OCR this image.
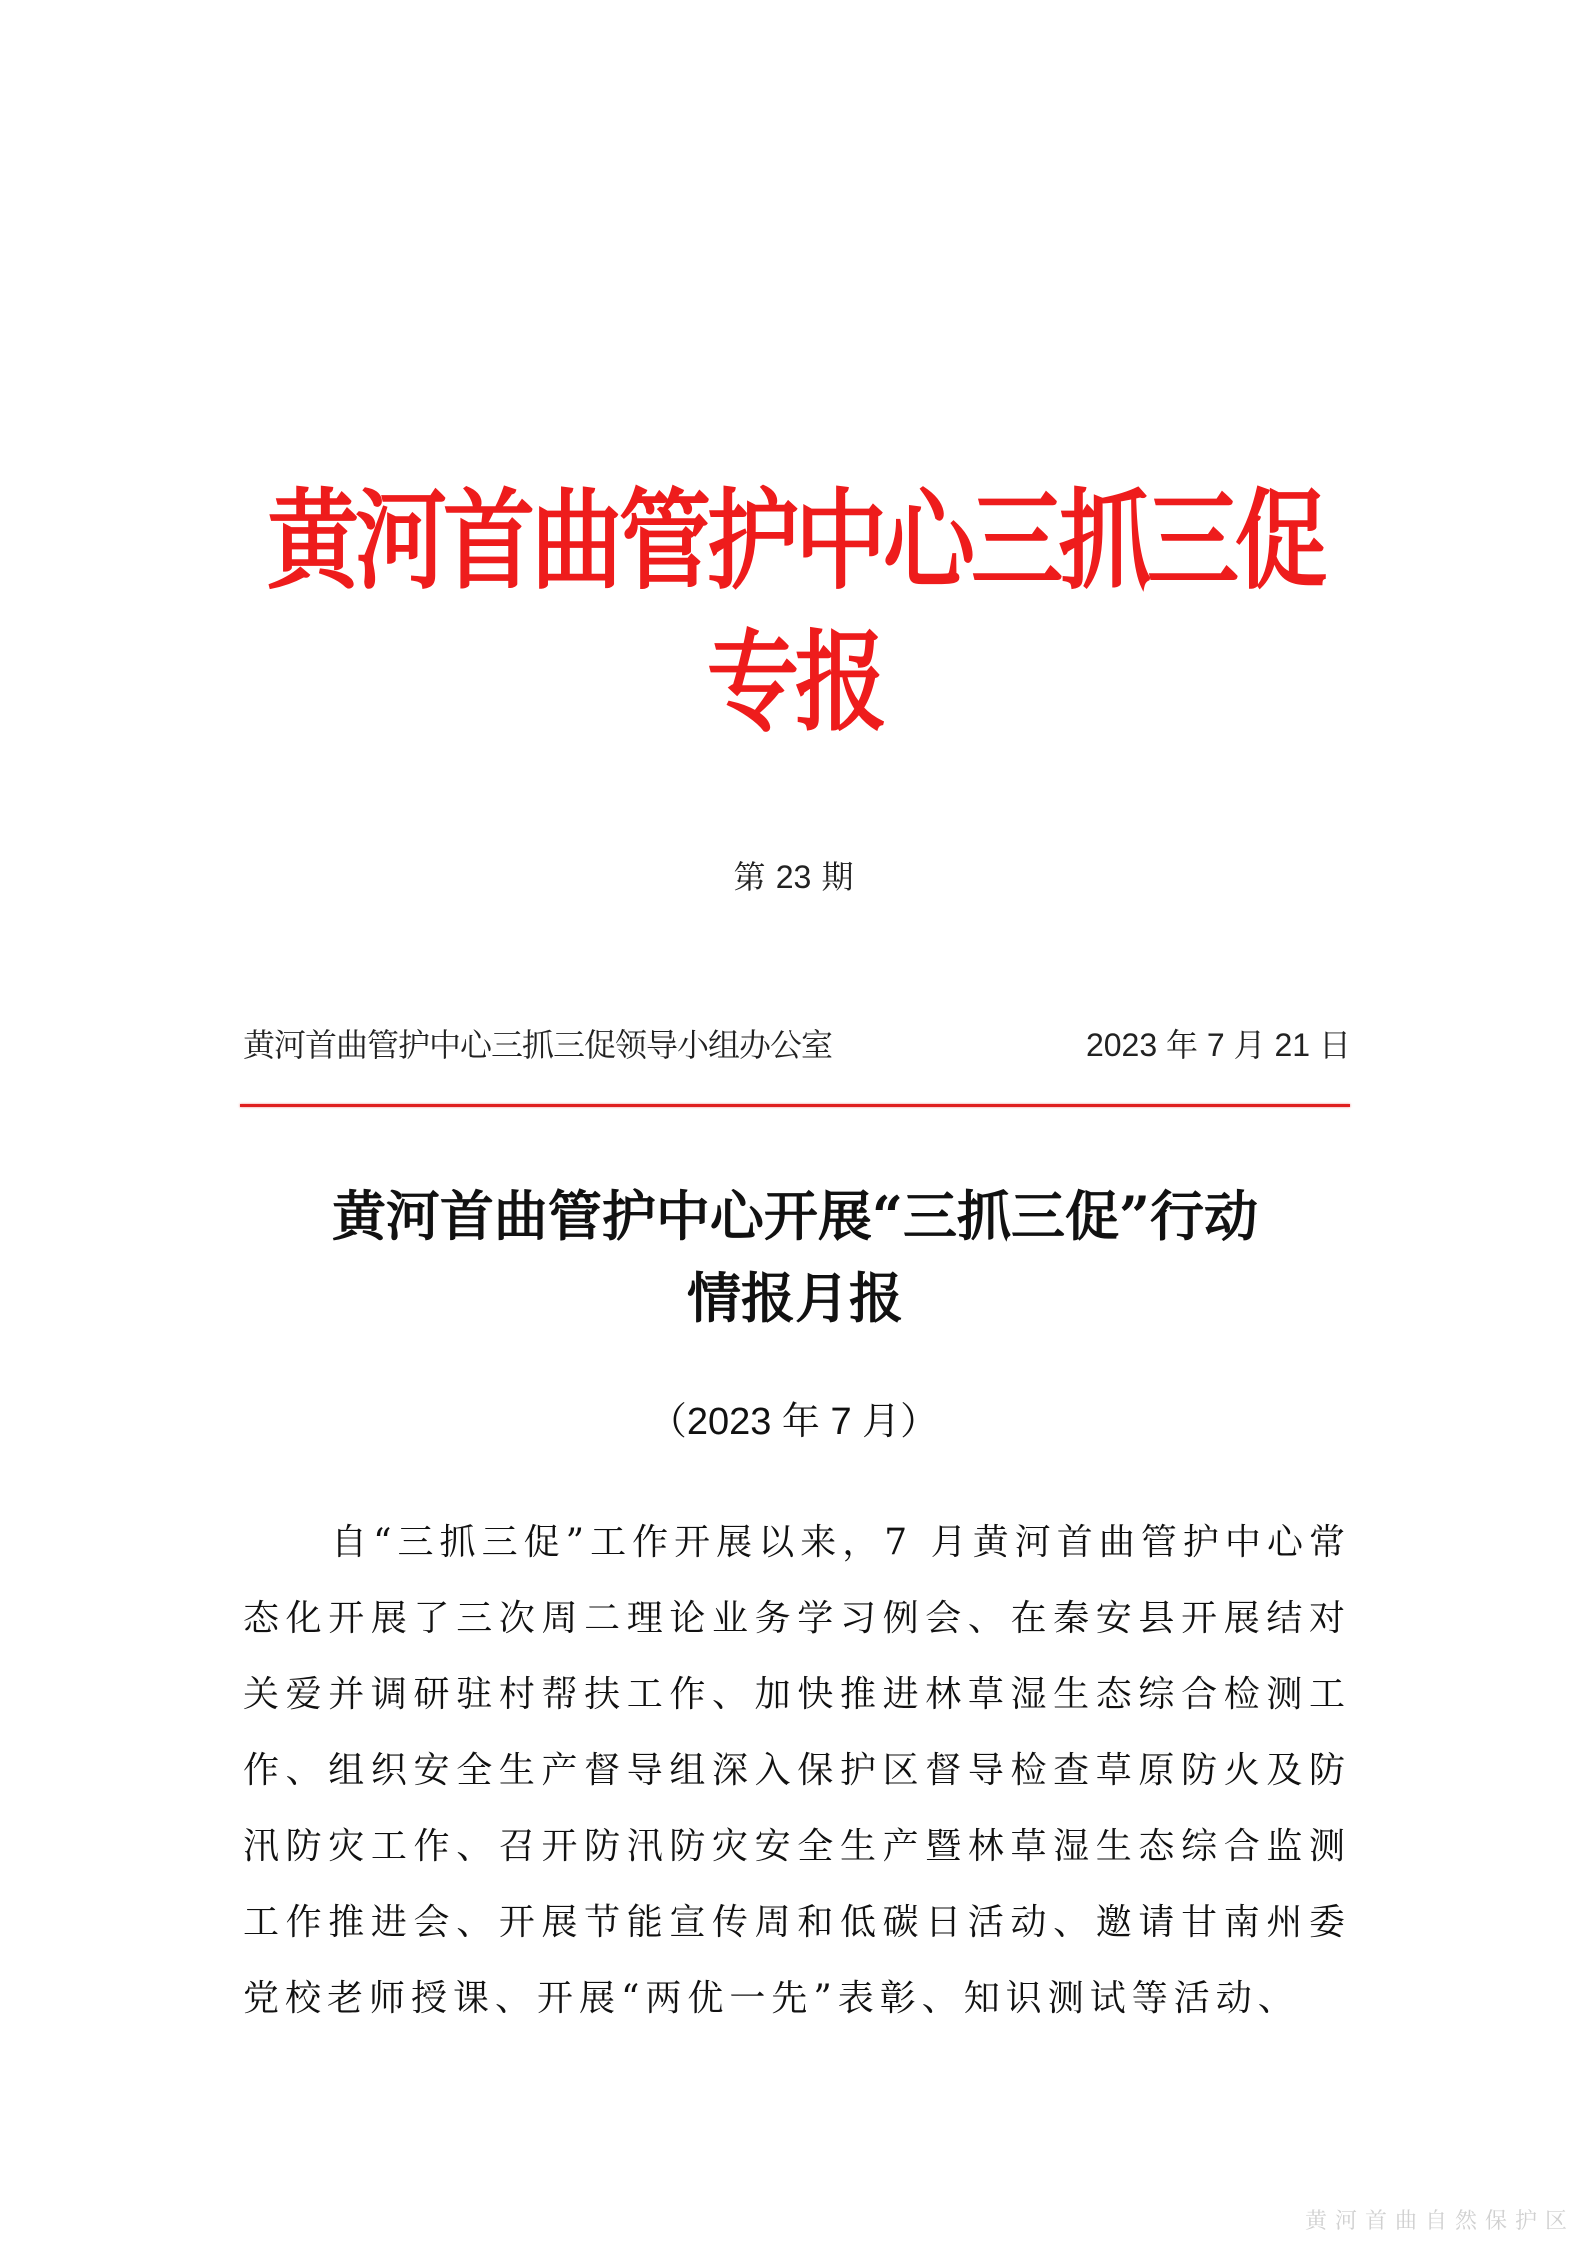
黄河首曲管护中心三抓三促专报
第 23 期
黄河首曲管护中心三抓三促领导小组办公室	2023 年 7 月 21 日
黄河首曲管护中心开展“三抓三促”行动
情报月报
（2023 年 7 月）
自“三抓三促”工作开展以来，7 月黄河首曲管护中心常态化开展了三次周二理论业务学习例会、在秦安县开展结对关爱并调研驻村帮扶工作、加快推进林草湿生态综合检测工作、组织安全生产督导组深入保护区督导检查草原防火及防汛防灾工作、召开防汛防灾安全生产暨林草湿生态综合监测工作推进会、开展节能宣传周和低碳日活动、邀请甘南州委党校老师授课、开展“两优一先”表彰、知识测试等活动、
黄河首曲自然保护区
